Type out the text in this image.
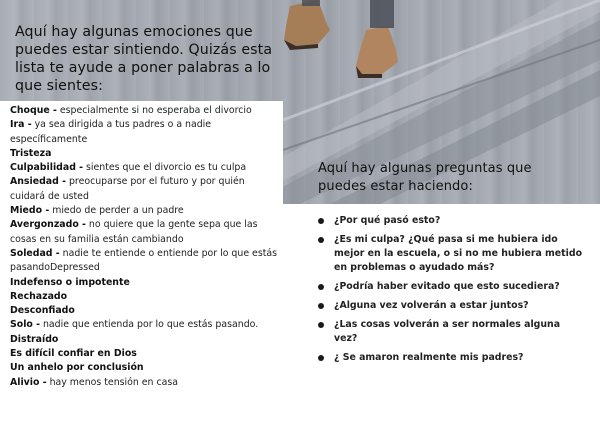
Aquí hay algunas emociones que puedes estar sintiendo. Quizás esta lista te ayude a poner palabras a lo que sientes:

Choque - especialmente si no esperaba el divorcio
Ira - ya sea dirigida a tus padres o a nadie específicamente
Tristeza
Culpabilidad - sientes que el divorcio es tu culpa
Ansiedad - preocuparse por el futuro y por quién cuidará de usted
Miedo - miedo de perder a un padre
Avergonzado - no quiere que la gente sepa que las cosas en su familia están cambiando
Soledad - nadie te entiende o entiende por lo que estás pasandoDepressed
Indefenso o impotente
Rechazado
Desconfiado
Solo - nadie que entienda por lo que estás pasando.
Distraído
Es difícil confiar en Dios
Un anhelo por conclusión
Alivio - hay menos tensión en casa

Aquí hay algunas preguntas que puedes estar haciendo:

¿Por qué pasó esto?
¿Es mi culpa? ¿Qué pasa si me hubiera ido mejor en la escuela, o si no me hubiera metido en problemas o ayudado más?
¿Podría haber evitado que esto sucediera?
¿Alguna vez volverán a estar juntos?
¿Las cosas volverán a ser normales alguna vez?
¿ Se amaron realmente mis padres?
